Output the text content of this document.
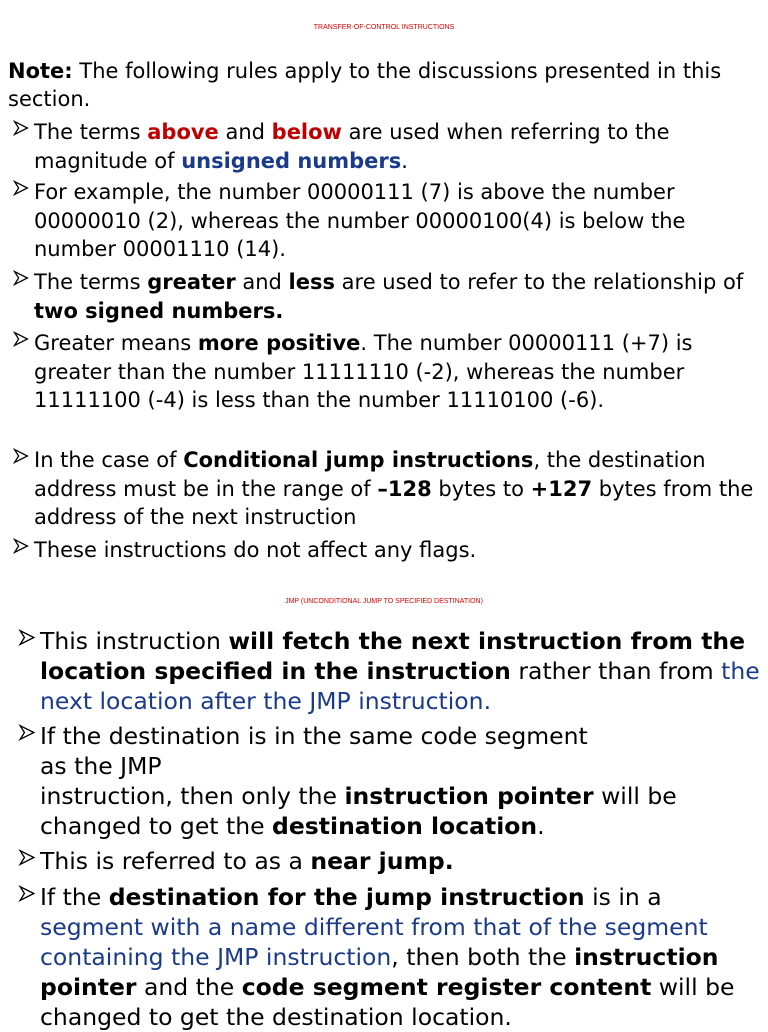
TRANSFER-OF-CONTROL INSTRUCTIONS
Note: The following rules apply to the discussions presented in this section.
The terms above and below are used when referring to the magnitude of unsigned numbers.
For example, the number 00000111 (7) is above the number 00000010 (2), whereas the number 00000100(4) is below the number 00001110 (14).
The terms greater and less are used to refer to the relationship of two signed numbers.
Greater means more positive. The number 00000111 (+7) is greater than the number 11111110 (-2), whereas the number 11111100 (-4) is less than the number 11110100 (-6).
In the case of Conditional jump instructions, the destination address must be in the range of –128 bytes to +127 bytes from the address of the next instruction
These instructions do not affect any flags.
JMP (UNCONDITIONAL JUMP TO SPECIFIED DESTINATION)
This instruction will fetch the next instruction from the location specified in the instruction rather than from the next location after the JMP instruction.
If the destination is in the same code segment as the JMP
instruction, then only the instruction pointer will be changed to get the destination location.
This is referred to as a near jump.
If the destination for the jump instruction is in a segment with a name different from that of the segment containing the JMP instruction, then both the instruction pointer and the code segment register content will be changed to get the destination location.
